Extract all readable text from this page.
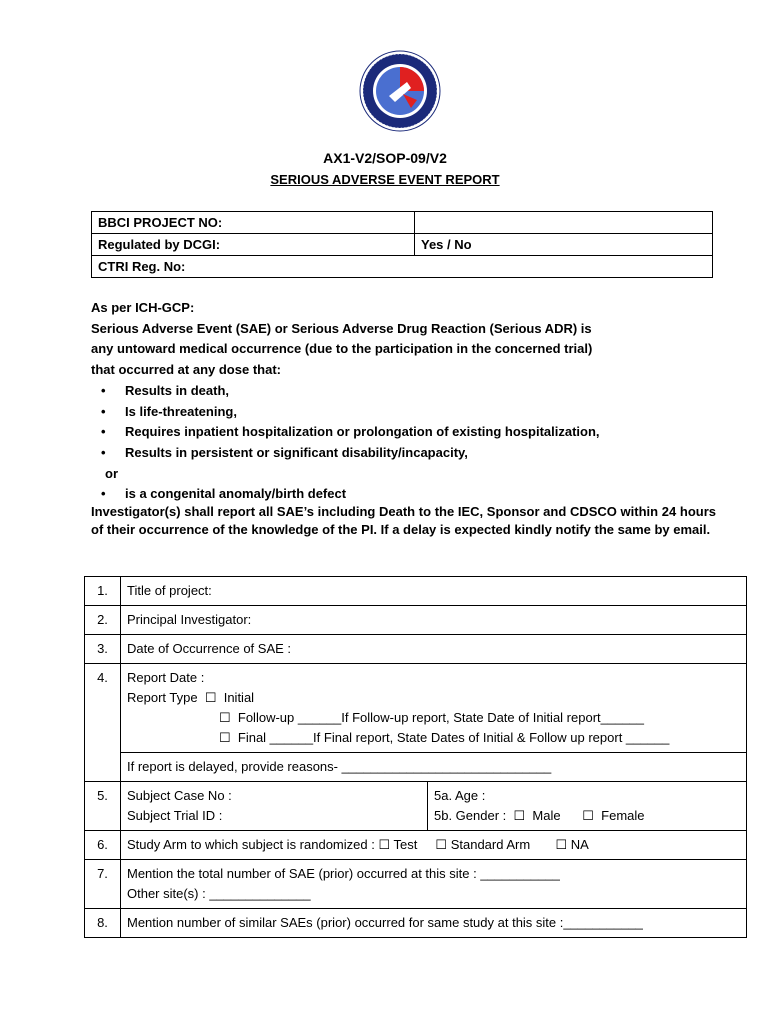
AX1-V2/SOP-09/V2
SERIOUS ADVERSE EVENT REPORT
BBCI PROJECT NO:	
Regulated by DCGI:	Yes / No
CTRI Reg. No:	

As per ICH-GCP:

Serious Adverse Event (SAE) or Serious Adverse Drug Reaction (Serious ADR) is

any untoward medical occurrence (due to the participation in the concerned trial)

that occurred at any dose that:

• Results in death,
• Is life-threatening,
• Requires inpatient hospitalization or prolongation of existing hospitalization,
• Results in persistent or significant disability/incapacity,

or

• is a congenital anomaly/birth defect
Investigator(s) shall report all SAE’s including Death to the IEC, Sponsor and CDSCO within 24 hours of their occurrence of the knowledge of the PI. If a delay is expected kindly notify the same by email.
1.	Title of project:
2.	Principal Investigator:
3.	Date of Occurrence of SAE :
4.	Report Date :
Report Type ☐ Initial
☐ Follow-up ______If Follow-up report, State Date of Initial report______
☐ Final ______If Final report, State Dates of Initial & Follow up report ______

	If report is delayed, provide reasons- _____________________________
5.	Subject Case No :
Subject Trial ID :
5a. Age :
5b. Gender : ☐ Male ☐ Female

6.	Study Arm to which subject is randomized : ☐ Test ☐ Standard Arm ☐ NA
7.	Mention the total number of SAE (prior) occurred at this site : ___________
Other site(s) : ______________

8.	Mention number of similar SAEs (prior) occurred for same study at this site :___________
